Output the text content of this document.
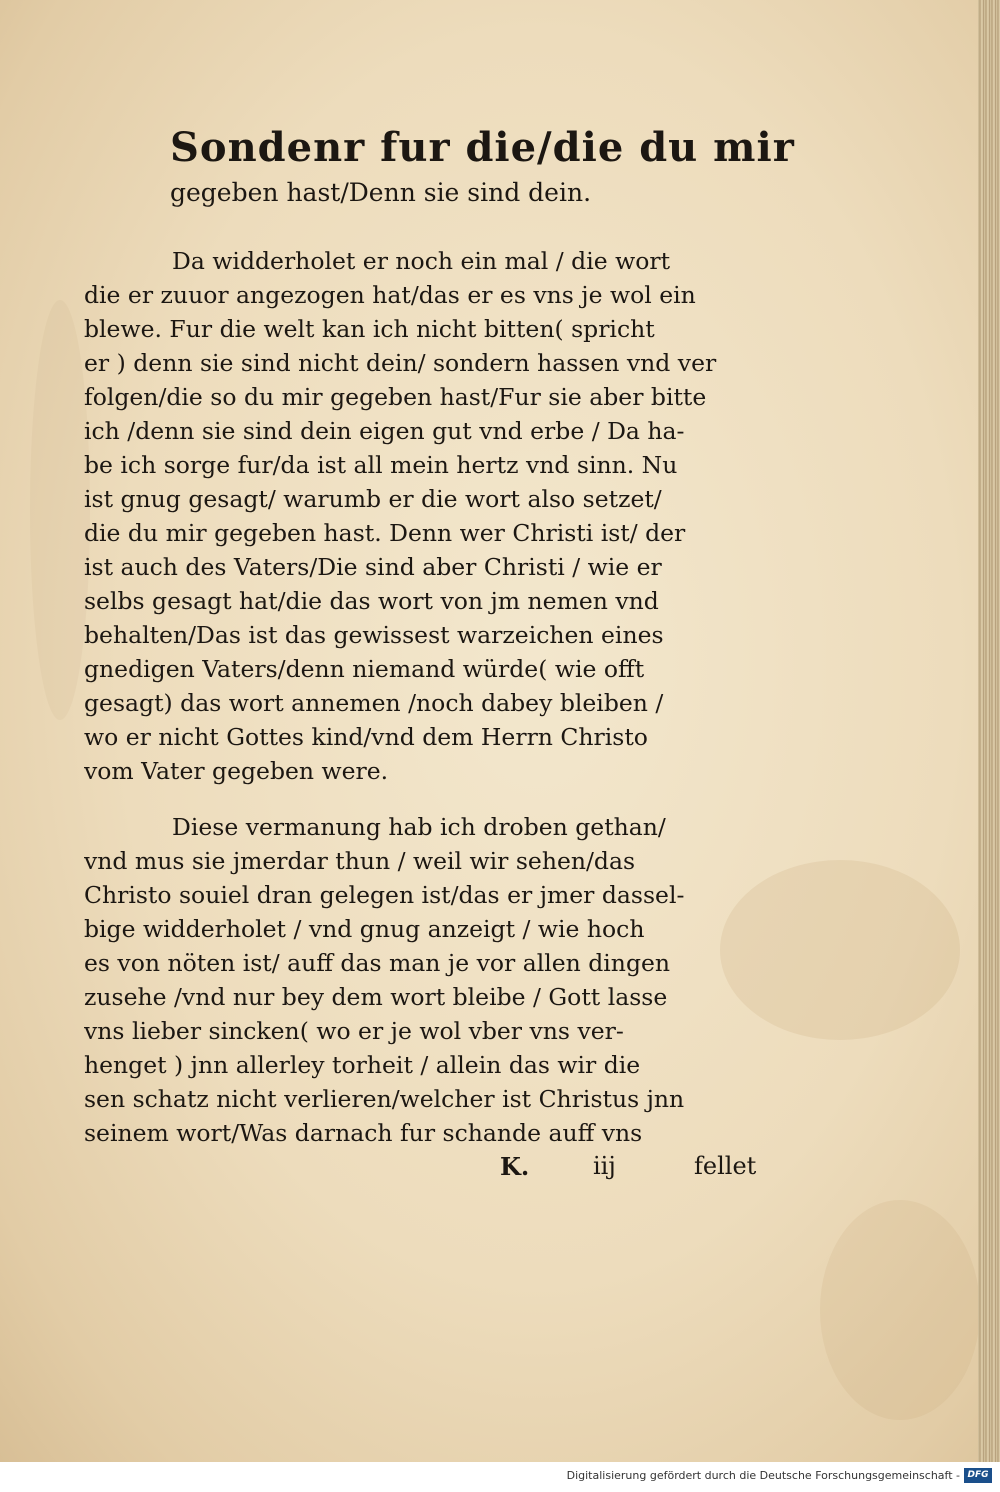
Sondenr fur die/die du mir
gegeben hast/Denn sie sind dein.
Da widderholet er noch ein mal / die wort
die er zuuor angezogen hat/das er es vns je wol ein
blewe. Fur die welt kan ich nicht bitten( spricht
er ) denn sie sind nicht dein/ sondern hassen vnd ver
folgen/die so du mir gegeben hast/Fur sie aber bitte
ich /denn sie sind dein eigen gut vnd erbe / Da ha-
be ich sorge fur/da ist all mein hertz vnd sinn. Nu
ist gnug gesagt/ warumb er die wort also setzet/
die du mir gegeben hast. Denn wer Christi ist/ der
ist auch des Vaters/Die sind aber Christi / wie er
selbs gesagt hat/die das wort von jm nemen vnd
behalten/Das ist das gewissest warzeichen eines
gnedigen Vaters/denn niemand würde( wie offt
gesagt) das wort annemen /noch dabey bleiben /
wo er nicht Gottes kind/vnd dem Herrn Christo
vom Vater gegeben were.
Diese vermanung hab ich droben gethan/
vnd mus sie jmerdar thun / weil wir sehen/das
Christo souiel dran gelegen ist/das er jmer dassel-
bige widderholet / vnd gnug anzeigt / wie hoch
es von nöten ist/ auff das man je vor allen dingen
zusehe /vnd nur bey dem wort bleibe / Gott lasse
vns lieber sincken( wo er je wol vber vns ver-
henget ) jnn allerley torheit / allein das wir die
sen schatz nicht verlieren/welcher ist Christus jnn
seinem wort/Was darnach fur schande auff vns
K.	iij	fellet
Digitalisierung gefördert durch die Deutsche Forschungsgemeinschaft - DFG
